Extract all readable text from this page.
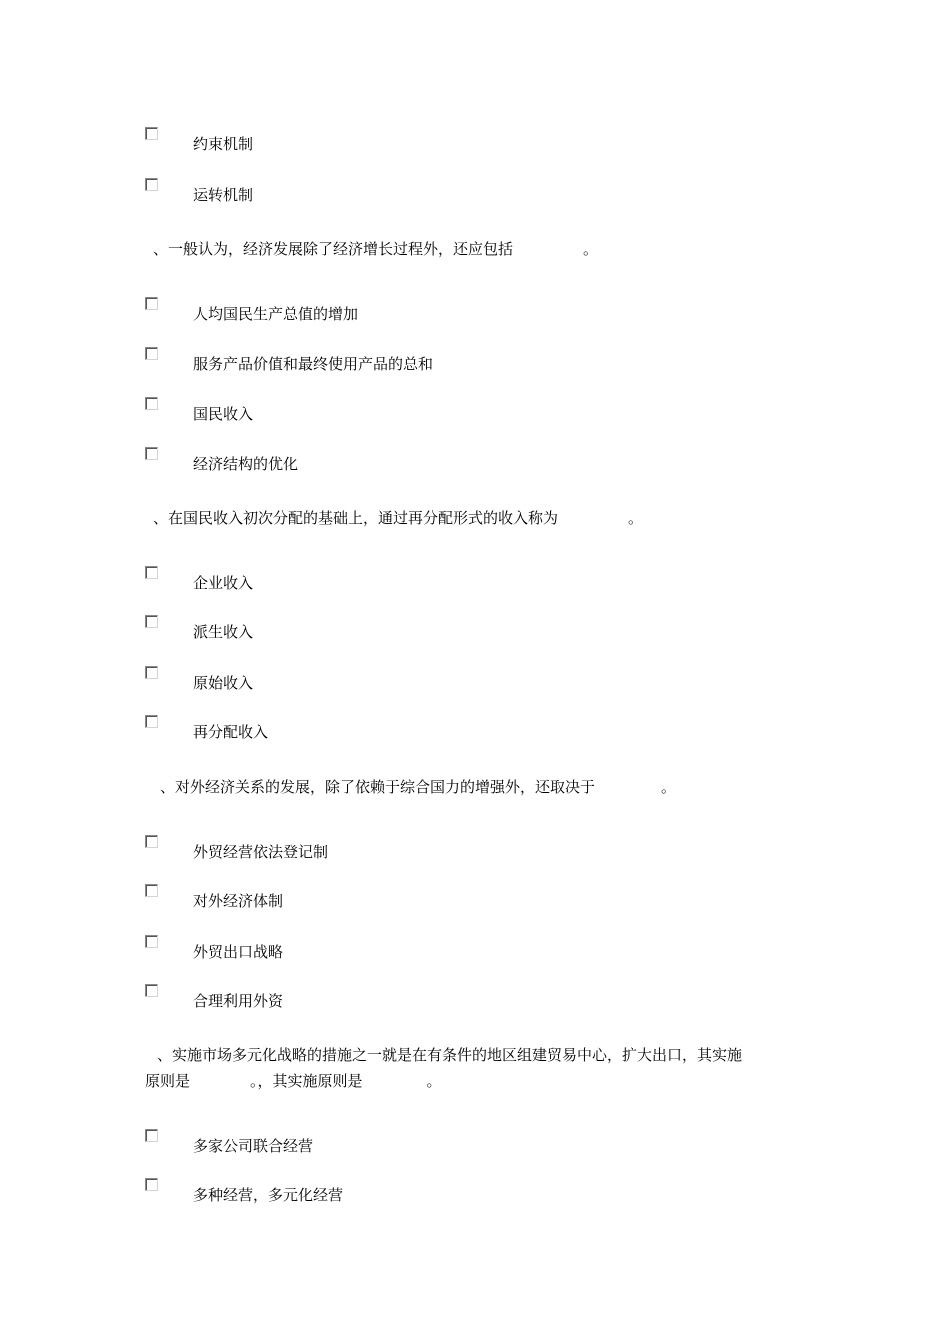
约束机制
运转机制
、一般认为，经济发展除了经济增长过程外，还应包括	。
人均国民生产总值的增加
服务产品价值和最终使用产品的总和
国民收入
经济结构的优化
、在国民收入初次分配的基础上，通过再分配形式的收入称为	。
企业收入
派生收入
原始收入
再分配收入
、对外经济关系的发展，除了依赖于综合国力的增强外，还取决于	。
外贸经营依法登记制
对外经济体制
外贸出口战略
合理利用外资
、实施市场多元化战略的措施之一就是在有条件的地区组建贸易中心，扩大出口，其实施
原则是	。，其实施原则是	。
多家公司联合经营
多种经营，多元化经营
